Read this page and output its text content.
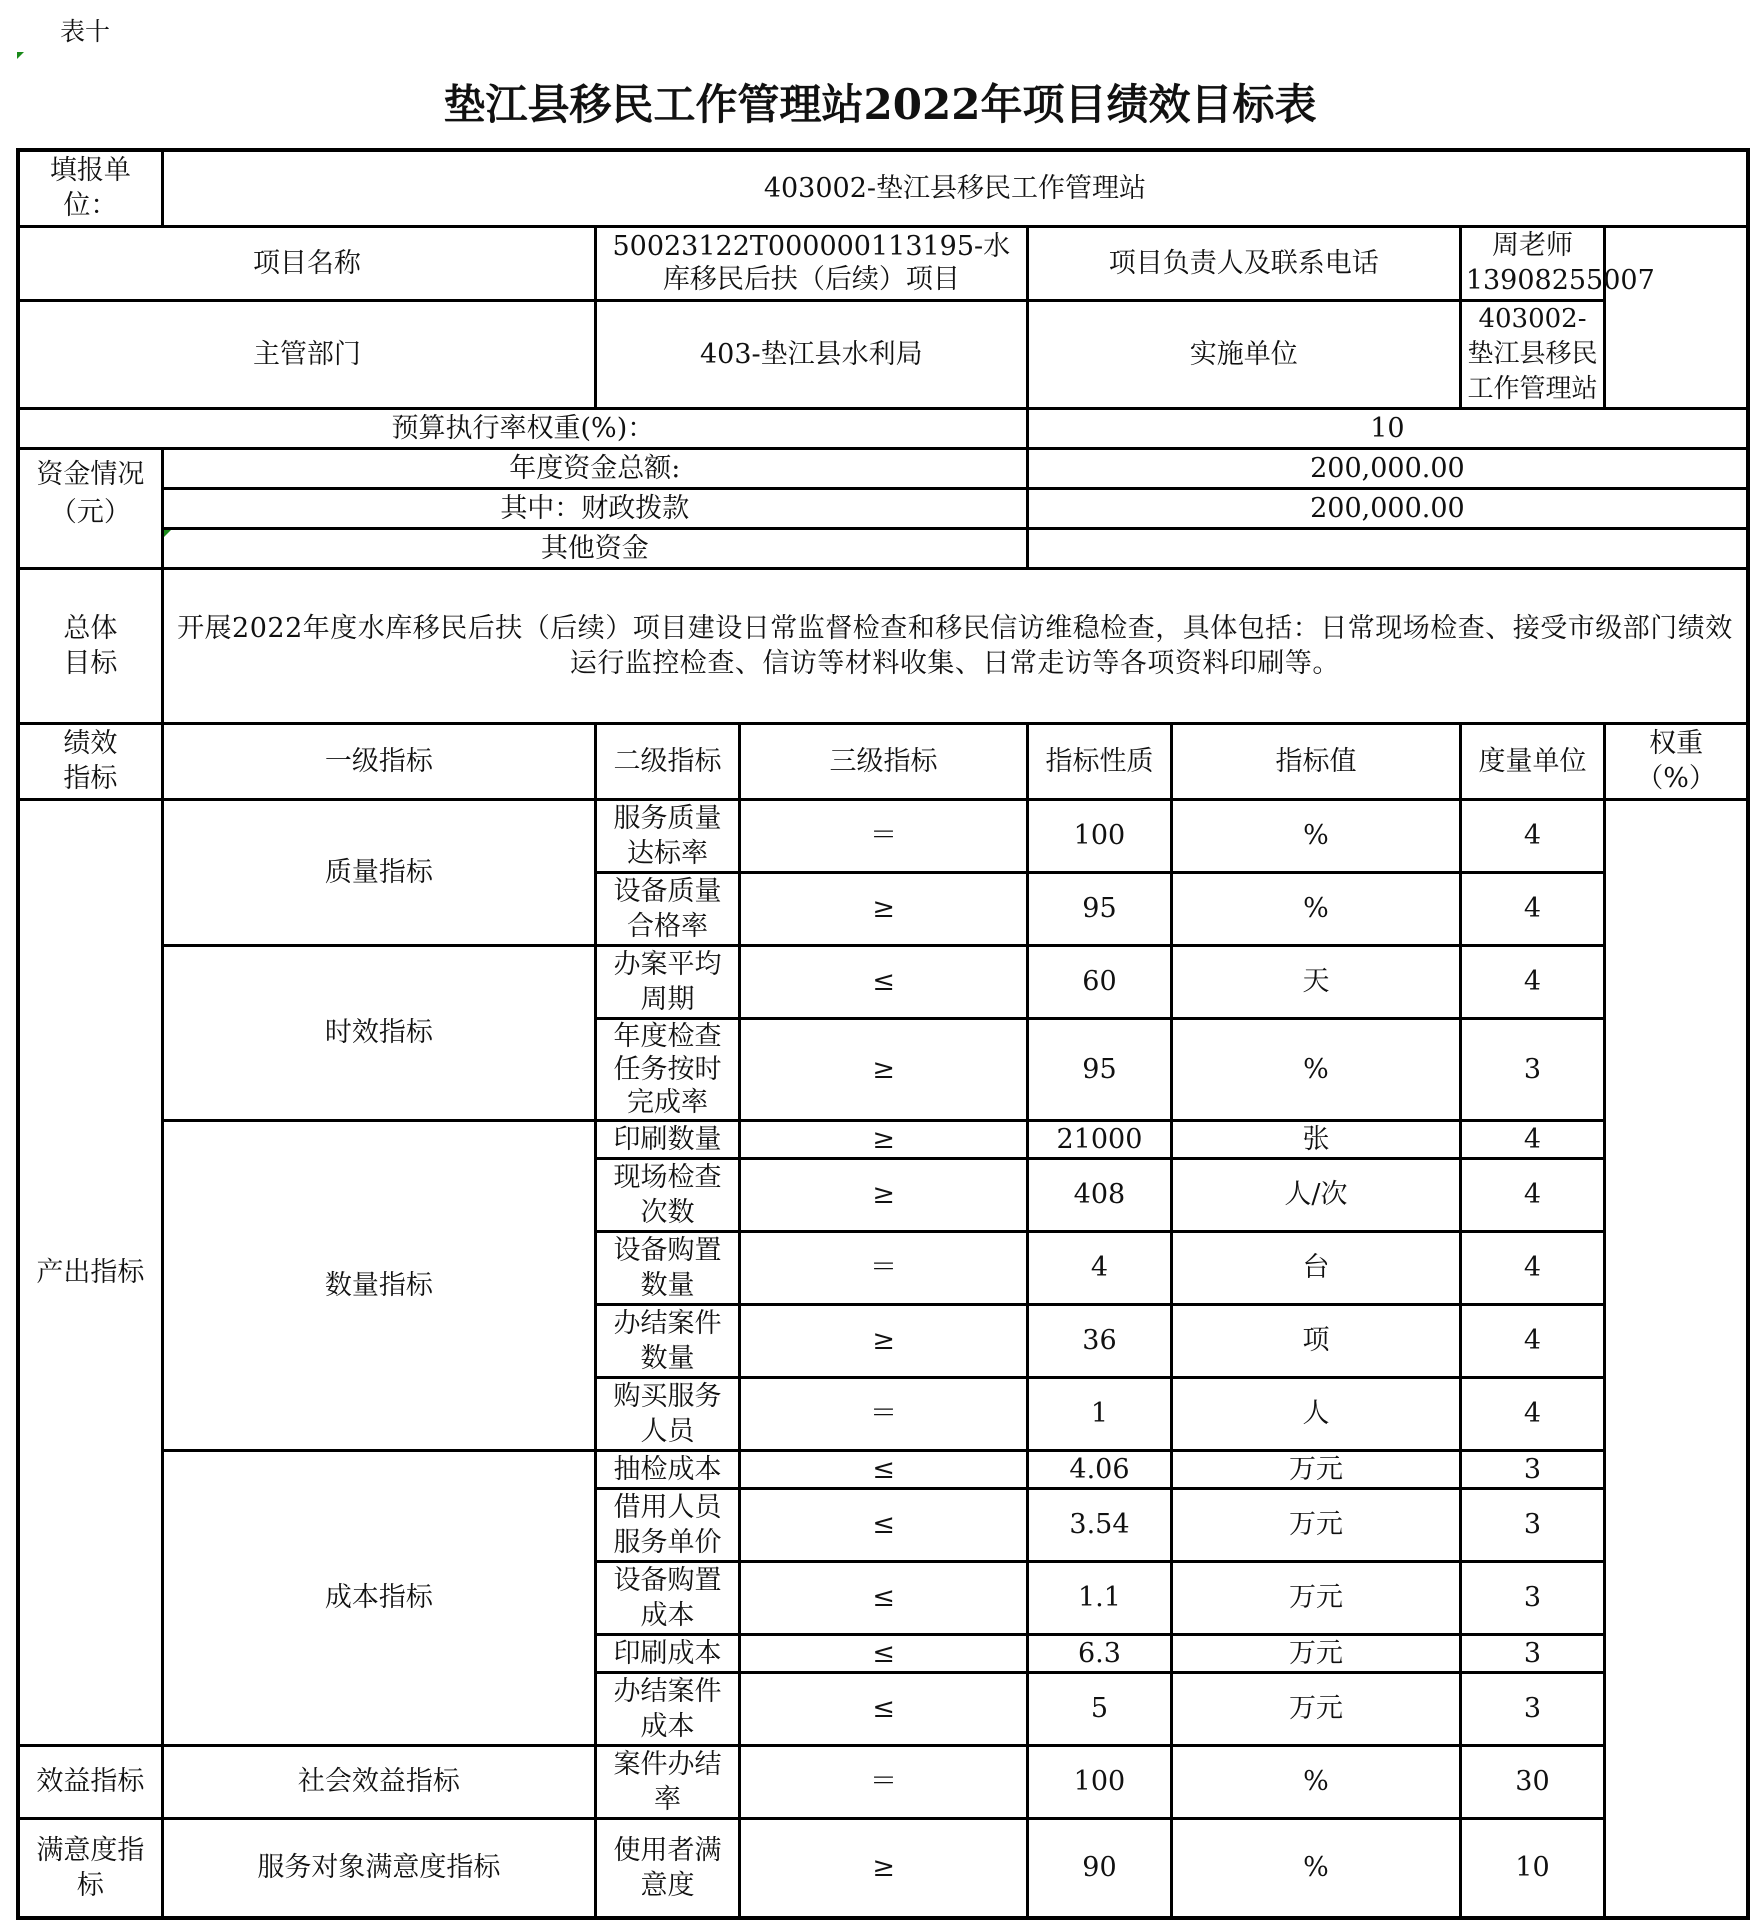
表十
垫江县移民工作管理站2022年项目绩效目标表
填报单位：	403002-垫江县移民工作管理站						
项目名称		50023122T000000113195-水库移民后扶（后续）项目		项目负责人及联系电话		周老师13908255007	
主管部门		403-垫江县水利局		实施单位		403002-垫江县移民工作管理站	
预算执行率权重(%)：				10			
资金情况（元）	年度资金总额:			200,000.00			
	其中：财政拨款			200,000.00			

其他资金						
总体目标	开展2022年度水库移民后扶（后续）项目建设日常监督检查和移民信访维稳检查，具体包括：日常现场检查、接受市级部门绩效运行监控检查、信访等材料收集、日常走访等各项资料印刷等。						
绩效指标	一级指标	二级指标	三级指标	指标性质	指标值	度量单位	权重（%）
产出指标	质量指标	服务质量达标率	＝	100	%	4	
		设备质量合格率	≥	95	%	4	
	时效指标	办案平均周期	≤	60	天	4	
		年度检查任务按时完成率	≥	95	%	3	
	数量指标	印刷数量	≥	21000	张	4	
		现场检查次数	≥	408	人/次	4	
		设备购置数量	＝	4	台	4	
		办结案件数量	≥	36	项	4	
		购买服务人员	＝	1	人	4	
	成本指标	抽检成本	≤	4.06	万元	3	
		借用人员服务单价	≤	3.54	万元	3	
		设备购置成本	≤	1.1	万元	3	
		印刷成本	≤	6.3	万元	3	
		办结案件成本	≤	5	万元	3	
效益指标	社会效益指标	案件办结率	＝	100	%	30	
满意度指标	服务对象满意度指标	使用者满意度	≥	90	%	10	
